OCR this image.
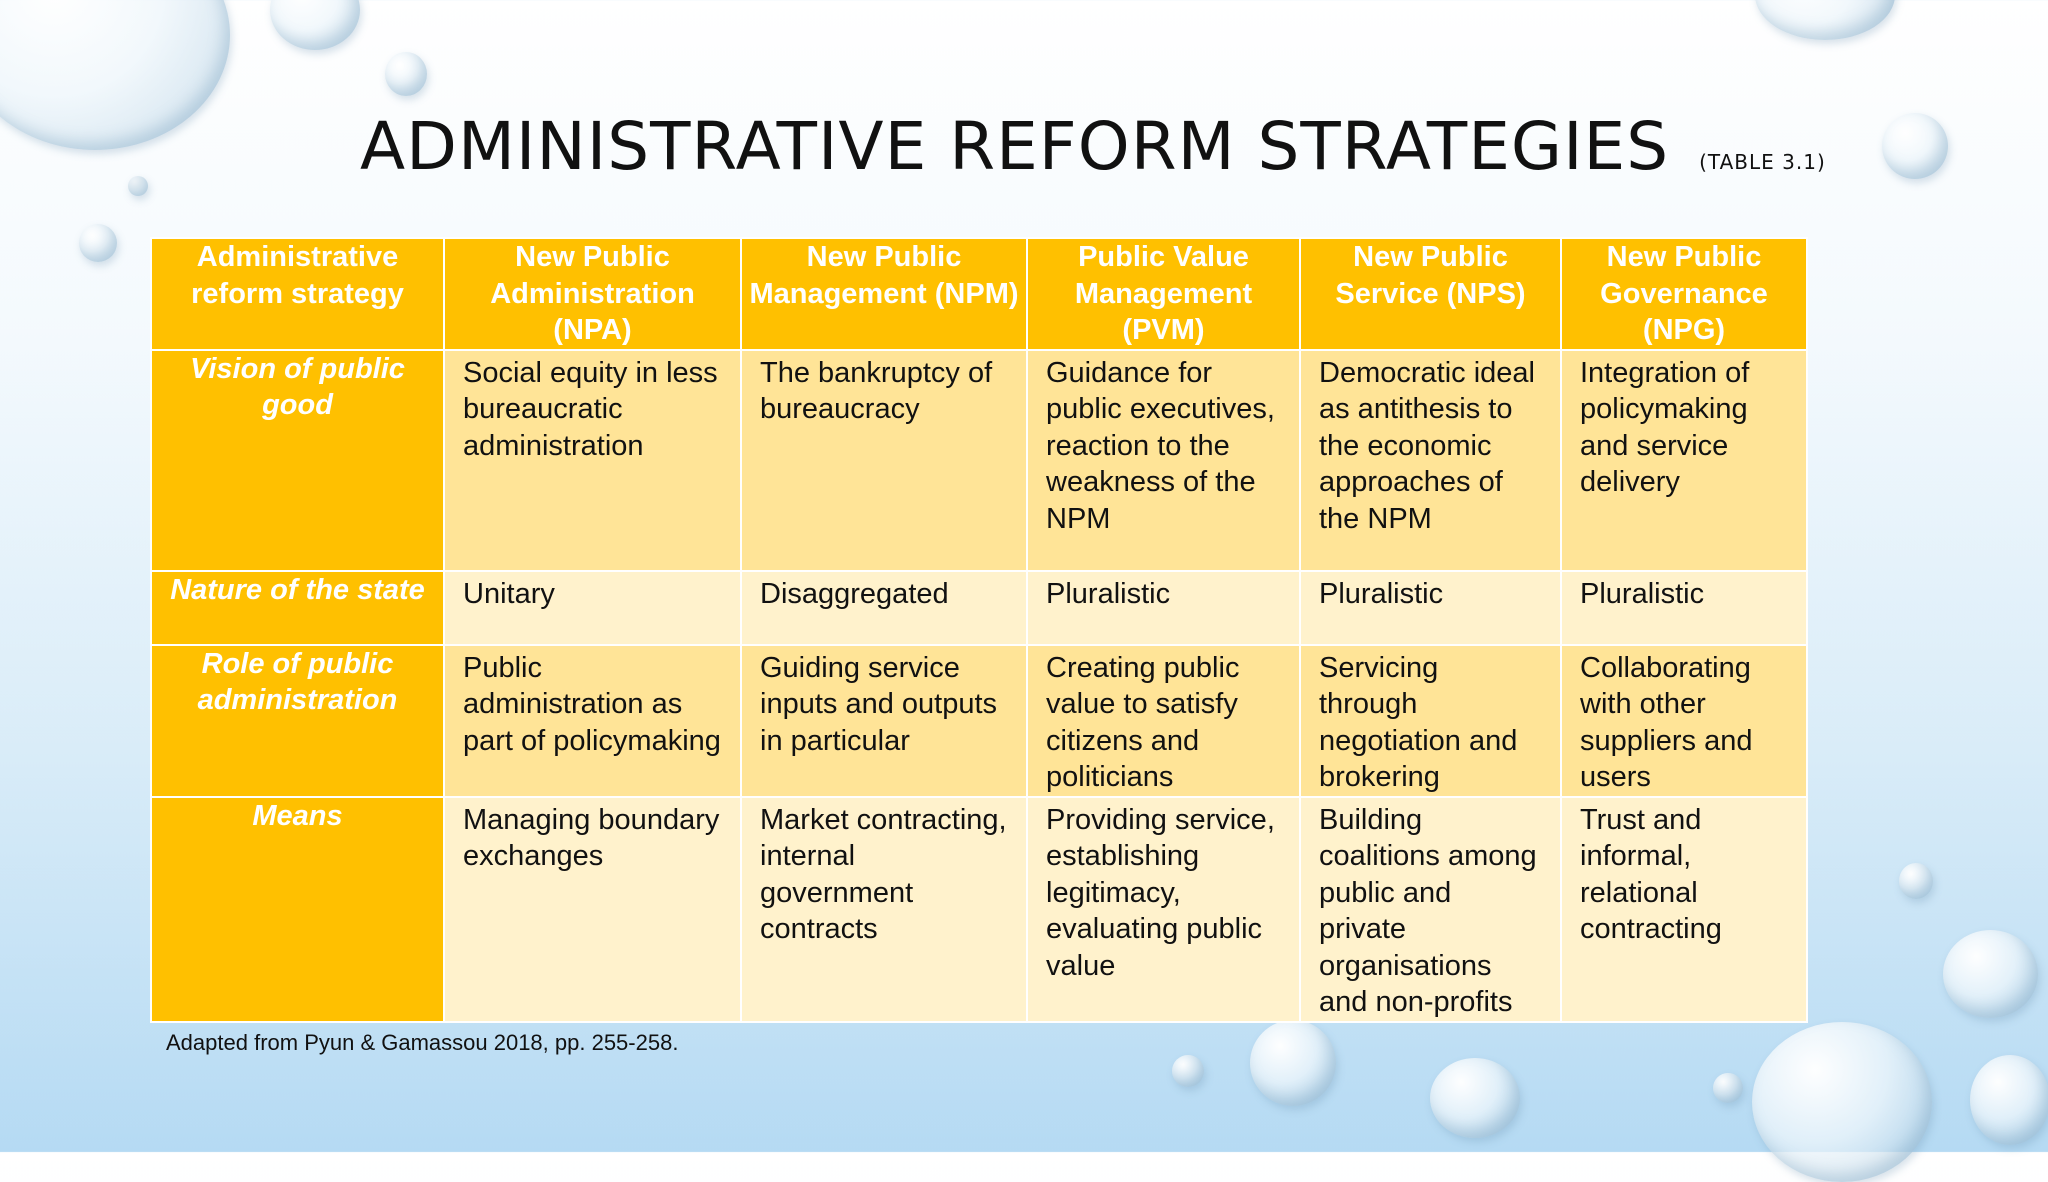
ADMINISTRATIVE REFORM STRATEGIES (TABLE 3.1)
Administrative reform strategy	New Public Administration (NPA)	New Public Management (NPM)	Public Value Management (PVM)	New Public Service (NPS)	New Public Governance (NPG)
Vision of public good	Social equity in less bureaucratic administration	The bankruptcy of bureaucracy	Guidance for public executives, reaction to the weakness of the NPM	Democratic ideal as antithesis to the economic approaches of the NPM	Integration of policymaking and service delivery
Nature of the state	Unitary	Disaggregated	Pluralistic	Pluralistic	Pluralistic
Role of public administration	Public administration as part of policymaking	Guiding service inputs and outputs in particular	Creating public value to satisfy citizens and politicians	Servicing through negotiation and brokering	Collaborating with other suppliers and users
Means	Managing boundary exchanges	Market contracting, internal government contracts	Providing service, establishing legitimacy, evaluating public value	Building coalitions among public and private organisations and non-profits	Trust and informal, relational contracting
Adapted from Pyun & Gamassou 2018, pp. 255-258.
